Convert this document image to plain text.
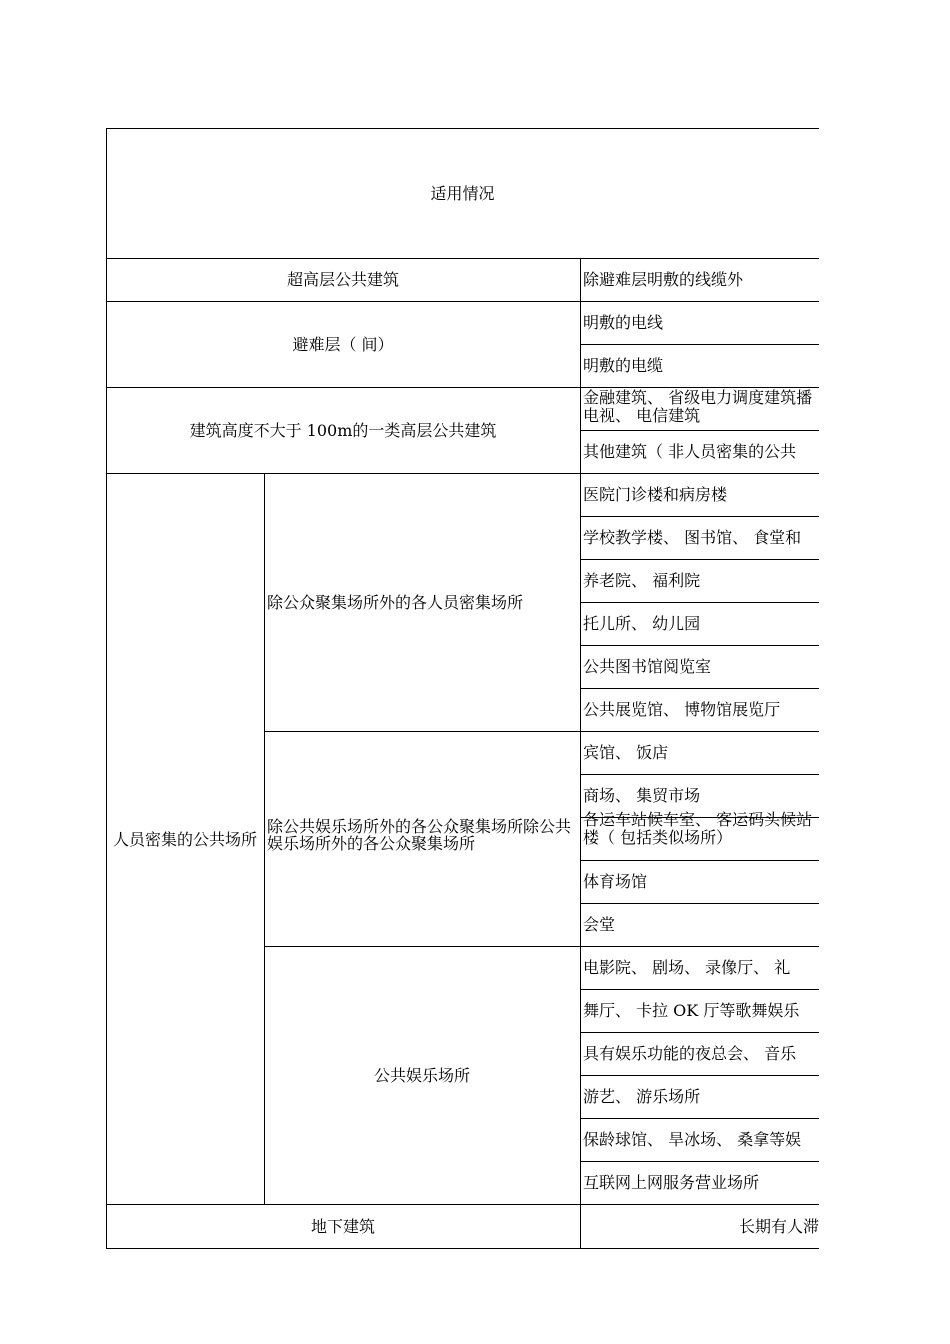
适用情况
超高层公共建筑	除避难层明敷的线缆外
避难层（ 间）
明敷的电线
明敷的电缆
建筑高度不大于 100m的一类高层公共建筑
金融建筑、 省级电力调度建筑播电视、 电信建筑
其他建筑（ 非人员密集的公共
人员密集的公共场所
除公众聚集场所外的各人员密集场所
医院门诊楼和病房楼
学校教学楼、 图书馆、 食堂和
养老院、 福利院
托儿所、 幼儿园
公共图书馆阅览室
公共展览馆、 博物馆展览厅
除公共娱乐场所外的各公众聚集场所除公共娱乐场所外的各公众聚集场所
宾馆、 饭店
商场、 集贸市场
各运车站候车室、 客运码头候站楼（ 包括类似场所）
体育场馆
会堂
公共娱乐场所
电影院、 剧场、 录像厅、 礼
舞厅、 卡拉 OK 厅等歌舞娱乐
具有娱乐功能的夜总会、 音乐
游艺、 游乐场所
保龄球馆、 旱冰场、 桑拿等娱
互联网上网服务营业场所
地下建筑	长期有人滞
